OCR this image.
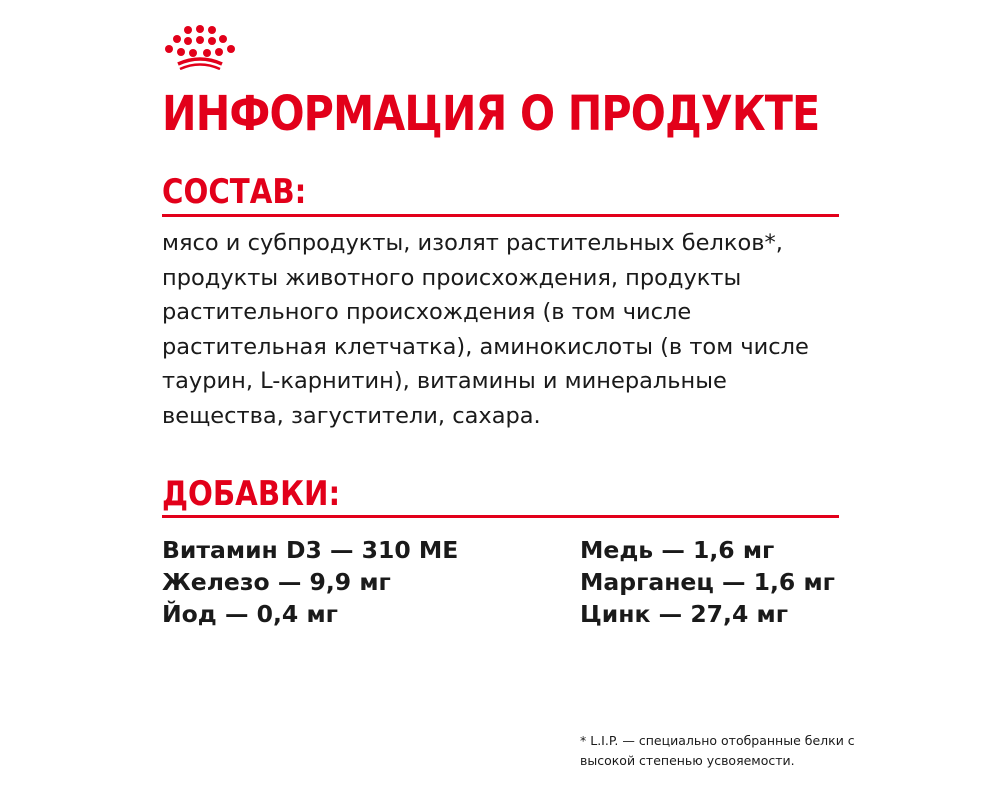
ИНФОРМАЦИЯ О ПРОДУКТЕ
СОСТАВ:

мясо и субпродукты, изолят растительных белков*, продукты животного происхождения, продукты растительного происхождения (в том числе растительная клетчатка), аминокислоты (в том числе таурин, L-карнитин), витамины и минеральные вещества, загустители, сахара.

ДОБАВКИ:
Витамин D3 — 310 МЕ
Железо — 9,9 мг
Йод — 0,4 мг
Медь — 1,6 мг
Марганец — 1,6 мг
Цинк — 27,4 мг

* L.I.P. — специально отобранные белки с высокой степенью усвояемости.
